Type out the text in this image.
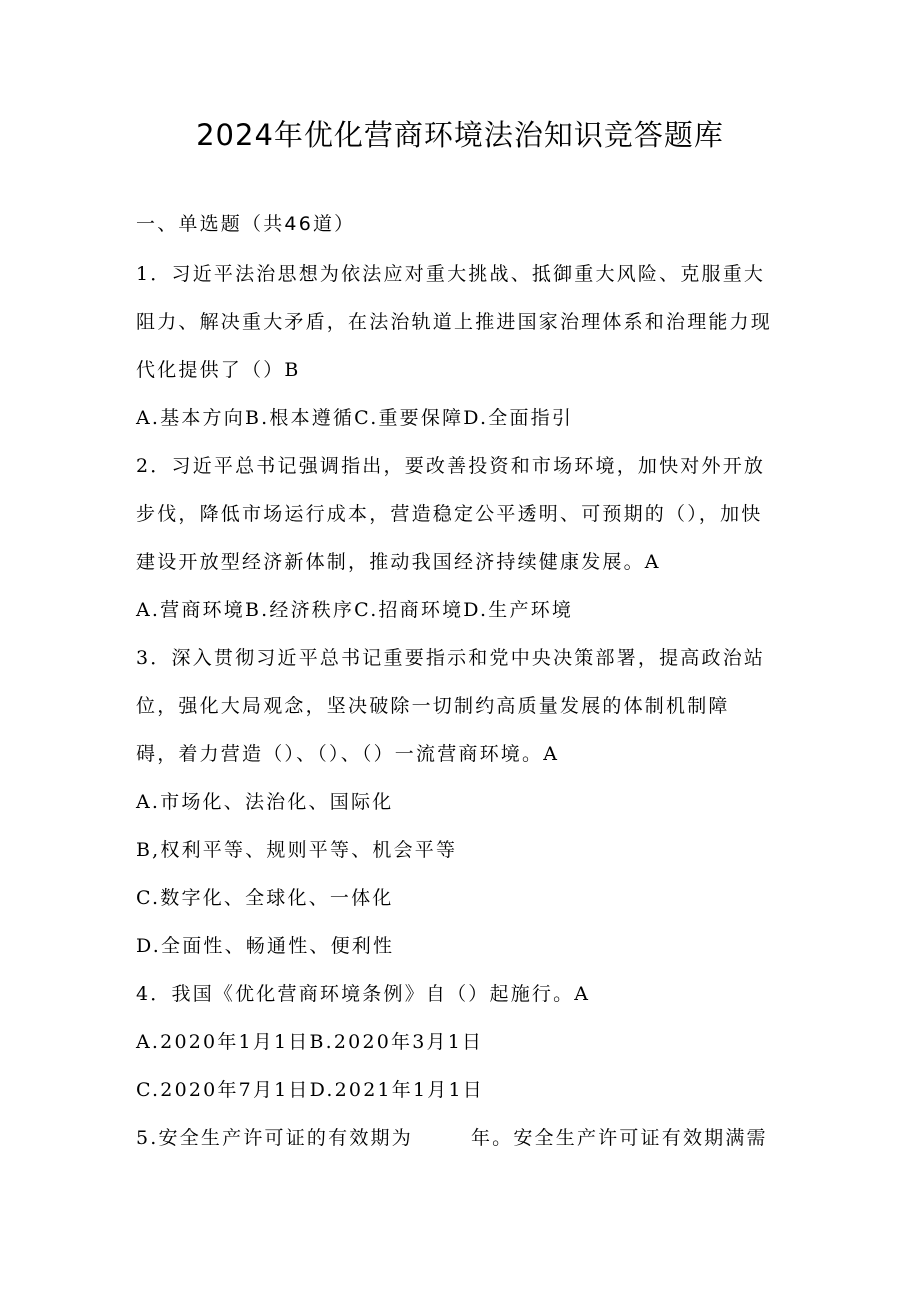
2024年优化营商环境法治知识竞答题库
一、单选题（共46道）
1．习近平法治思想为依法应对重大挑战、抵御重大风险、克服重大
阻力、解决重大矛盾，在法治轨道上推进国家治理体系和治理能力现
代化提供了（）B
A.基本方向B.根本遵循C.重要保障D.全面指引
2．习近平总书记强调指出，要改善投资和市场环境，加快对外开放
步伐，降低市场运行成本，营造稳定公平透明、可预期的（），加快
建设开放型经济新体制，推动我国经济持续健康发展。A
A.营商环境B.经济秩序C.招商环境D.生产环境
3．深入贯彻习近平总书记重要指示和党中央决策部署，提高政治站
位，强化大局观念，坚决破除一切制约高质量发展的体制机制障
碍，着力营造（）、（）、（）一流营商环境。A
A.市场化、法治化、国际化
B,权利平等、规则平等、机会平等
C.数字化、全球化、一体化
D.全面性、畅通性、便利性
4．我国《优化营商环境条例》自（）起施行。A
A.2020年1月1日B.2020年3月1日
C.2020年7月1日D.2021年1月1日
5.安全生产许可证的有效期为	年。安全生产许可证有效期满需
